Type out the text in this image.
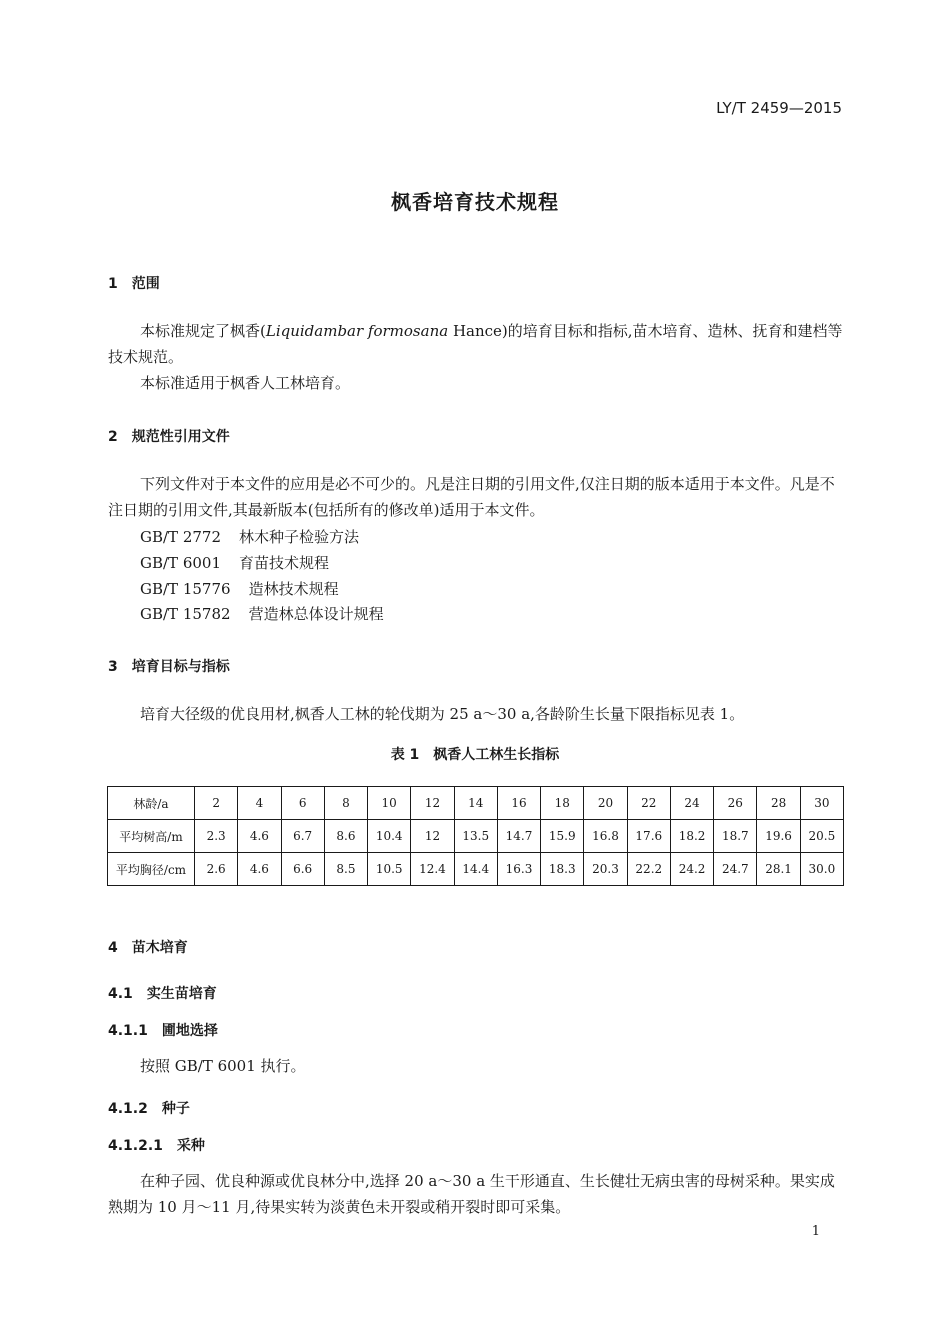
LY/T 2459—2015
枫香培育技术规程
1 范围
本标准规定了枫香(Liquidambar formosana Hance)的培育目标和指标,苗木培育、造林、抚育和建档等技术规范。
本标准适用于枫香人工林培育。
2 规范性引用文件
下列文件对于本文件的应用是必不可少的。凡是注日期的引用文件,仅注日期的版本适用于本文件。凡是不注日期的引用文件,其最新版本(包括所有的修改单)适用于本文件。
GB/T 2772 林木种子检验方法
GB/T 6001 育苗技术规程
GB/T 15776 造林技术规程
GB/T 15782 营造林总体设计规程
3 培育目标与指标
培育大径级的优良用材,枫香人工林的轮伐期为 25 a～30 a,各龄阶生长量下限指标见表 1。
表 1　枫香人工林生长指标
林龄/a	2	4	6	8	10	12	14	16	18	20	22	24	26	28	30
平均树高/m	2.3	4.6	6.7	8.6	10.4	12	13.5	14.7	15.9	16.8	17.6	18.2	18.7	19.6	20.5
平均胸径/cm	2.6	4.6	6.6	8.5	10.5	12.4	14.4	16.3	18.3	20.3	22.2	24.2	24.7	28.1	30.0
4 苗木培育
4.1 实生苗培育
4.1.1 圃地选择
按照 GB/T 6001 执行。
4.1.2 种子
4.1.2.1 采种
在种子园、优良种源或优良林分中,选择 20 a～30 a 生干形通直、生长健壮无病虫害的母树采种。果实成熟期为 10 月～11 月,待果实转为淡黄色未开裂或稍开裂时即可采集。
1
